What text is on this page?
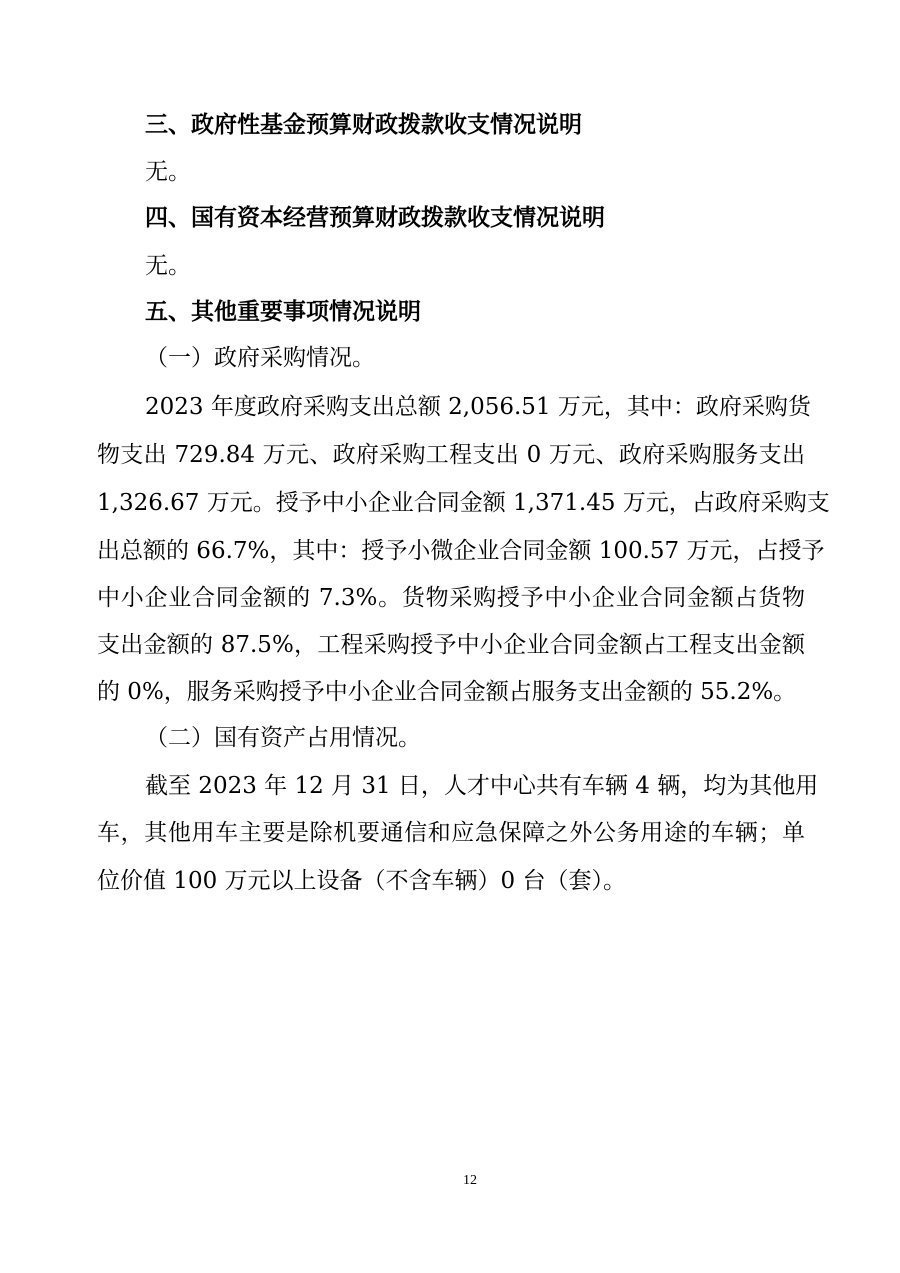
三、政府性基金预算财政拨款收支情况说明
无。
四、国有资本经营预算财政拨款收支情况说明
无。
五、其他重要事项情况说明
（一）政府采购情况。
2023 年度政府采购支出总额 2,056.51 万元，其中：政府采购货
物支出 729.84 万元、政府采购工程支出 0 万元、政府采购服务支出
1,326.67 万元。授予中小企业合同金额 1,371.45 万元，占政府采购支
出总额的 66.7%，其中：授予小微企业合同金额 100.57 万元，占授予
中小企业合同金额的 7.3%。货物采购授予中小企业合同金额占货物
支出金额的 87.5%，工程采购授予中小企业合同金额占工程支出金额
的 0%，服务采购授予中小企业合同金额占服务支出金额的 55.2%。
（二）国有资产占用情况。
截至 2023 年 12 月 31 日，人才中心共有车辆 4 辆，均为其他用
车，其他用车主要是除机要通信和应急保障之外公务用途的车辆；单
位价值 100 万元以上设备（不含车辆）0 台（套）。
12
